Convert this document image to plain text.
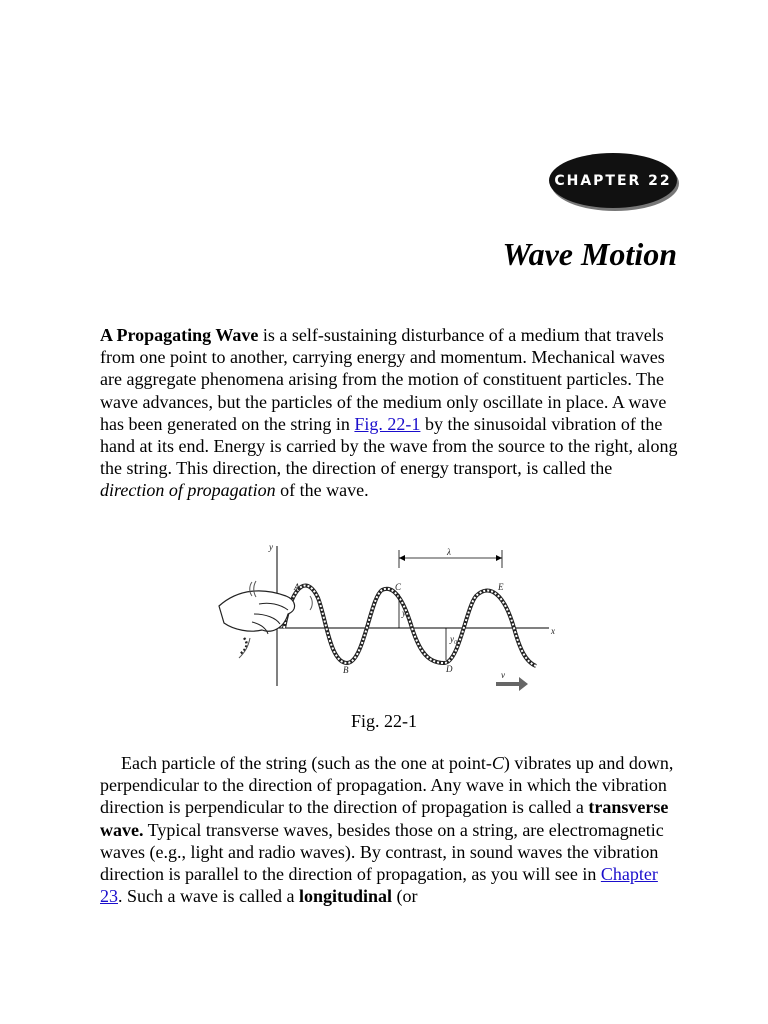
CHAPTER 22
Wave Motion

A Propagating Wave is a self-sustaining disturbance of a medium that travels from one point to another, carrying energy and momentum. Mechanical waves are aggregate phenomena arising from the motion of constituent particles. The wave advances, but the particles of the medium only oscillate in place. A wave has been generated on the string in Fig. 22-1 by the sinusoidal vibration of the hand at its end. Energy is carried by the wave from the source to the right, along the string. This direction, the direction of energy transport, is called the direction of propagation of the wave.

y
x
λ
y₀
y₀
A
B
C
D
E
v

Fig. 22-1

Each particle of the string (such as the one at point-C) vibrates up and down, perpendicular to the direction of propagation. Any wave in which the vibration direction is perpendicular to the direction of propagation is called a transverse wave. Typical transverse waves, besides those on a string, are electromagnetic waves (e.g., light and radio waves). By contrast, in sound waves the vibration direction is parallel to the direction of propagation, as you will see in Chapter 23. Such a wave is called a longitudinal (or
